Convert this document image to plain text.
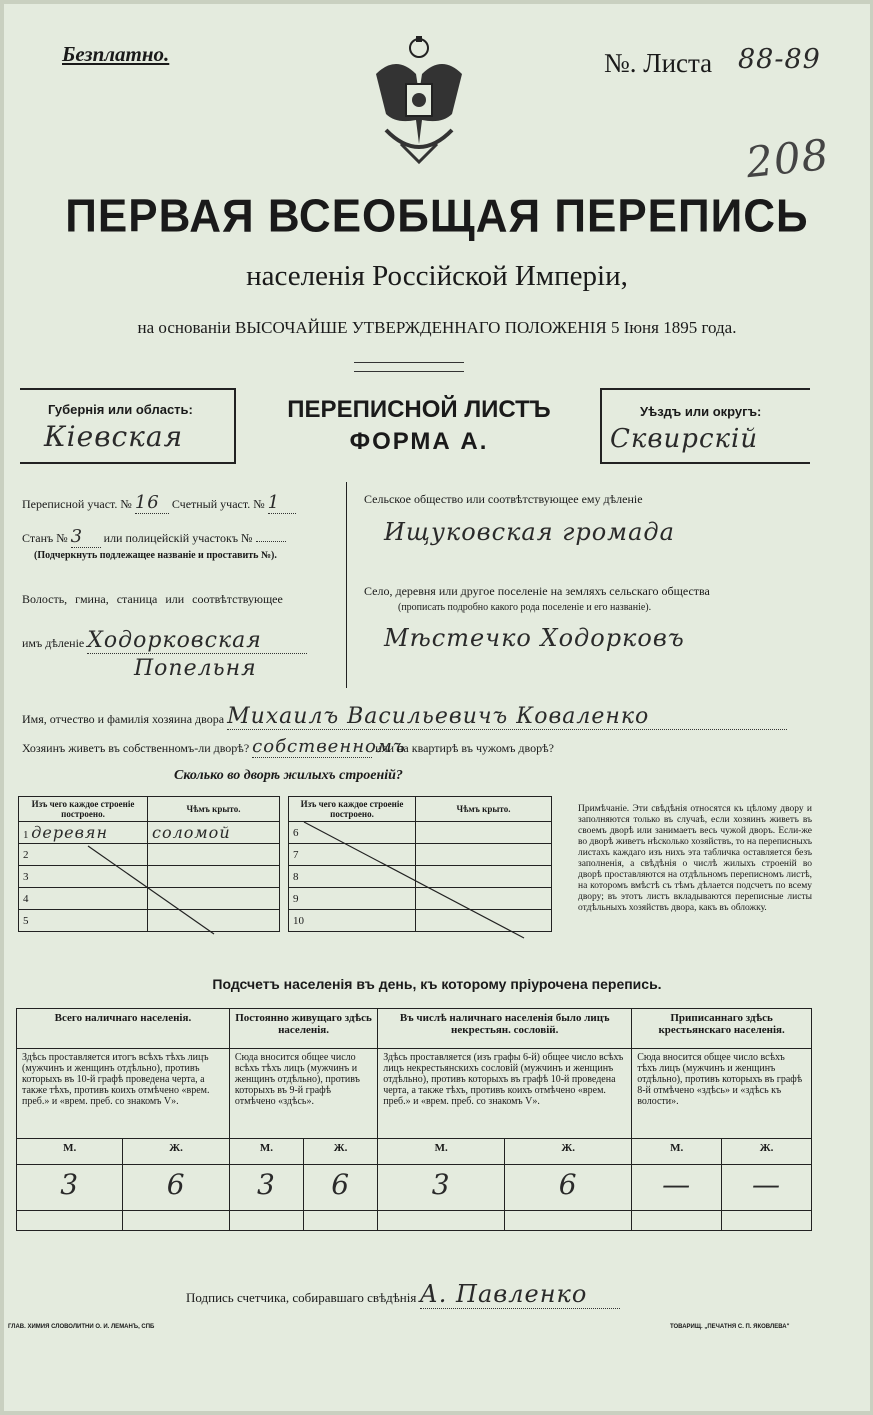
Безплатно.	№. Листа 88-89
208
ПЕРВАЯ ВСЕОБЩАЯ ПЕРЕПИСЬ
населенія Россійской Имперіи,
на основаніи ВЫСОЧАЙШЕ УТВЕРЖДЕННАГО ПОЛОЖЕНІЯ 5 Іюня 1895 года.
Губернія или область:
Кіевская
ПЕРЕПИСНОЙ ЛИСТЪ
ФОРМА А.
Уѣздъ или округъ:
Сквирскій
Переписной участ. № 16 Счетный участ. № 1
Станъ № 3 или полицейскій участокъ №
(Подчеркнуть подлежащее названіе и проставить №).
Волость, гмина, станица или соотвѣтствующее
имъ дѣленіе Ходорковская
Попельня
Сельское общество или соотвѣтствующее ему дѣленіе
Ищуковская громада
Село, деревня или другое поселеніе на земляхъ сельскаго общества
(прописать подробно какого рода поселеніе и его названіе).
Мѣстечко Ходорковъ
Имя, отчество и фамилія хозяина двора Михаилъ Васильевичъ Коваленко
Хозяинъ живетъ въ собственномъ-ли дворѣ? собственномъ или на квартирѣ въ чужомъ дворѣ?
Сколько во дворѣ жилыхъ строеній?
Изъ чего каждое строеніе построено.	Чѣмъ крыто.
1 деревян	соломой
2	
3	
4	
5	
Изъ чего каждое строеніе построено.	Чѣмъ крыто.
6	
7	
8	
9	
10	
Примѣчаніе. Эти свѣдѣнія относятся къ цѣлому двору и заполняются только въ случаѣ, если хозяинъ живетъ въ своемъ дворѣ или занимаетъ весь чужой дворъ. Если-же во дворѣ живетъ нѣсколько хозяйствъ, то на переписныхъ листахъ каждаго изъ нихъ эта табличка оставляется безъ заполненія, а свѣдѣнія о числѣ жилыхъ строеній во дворѣ проставляются на отдѣльномъ переписномъ листѣ, на которомъ вмѣстѣ съ тѣмъ дѣлается подсчетъ по всему двору; въ этотъ листъ вкладываются переписные листы отдѣльныхъ хозяйствъ двора, какъ въ обложку.
Подсчетъ населенія въ день, къ которому пріурочена перепись.
Всего наличнаго населенія.		Постоянно живущаго здѣсь населенія.		Въ числѣ наличнаго населенія было лицъ некрестьян. сословій.		Приписаннаго здѣсь крестьянскаго населенія.	
Здѣсь проставляется итогъ всѣхъ тѣхъ лицъ (мужчинъ и женщинъ отдѣльно), противъ которыхъ въ 10-й графѣ проведена черта, а также тѣхъ, противъ коихъ отмѣчено «врем. преб.» и «врем. преб. со знакомъ V».		Сюда вносится общее число всѣхъ тѣхъ лицъ (мужчинъ и женщинъ отдѣльно), противъ которыхъ въ 9-й графѣ отмѣчено «здѣсь».		Здѣсь проставляется (изъ графы 6-й) общее число всѣхъ лицъ некрестьянскихъ сословій (мужчинъ и женщинъ отдѣльно), противъ которыхъ въ графѣ 10-й проведена черта, а также тѣхъ, противъ коихъ отмѣчено «врем. преб.» и «врем. преб. со знакомъ V».		Сюда вносится общее число всѣхъ тѣхъ лицъ (мужчинъ и женщинъ отдѣльно), противъ которыхъ въ графѣ 8-й отмѣчено «здѣсь» и «здѣсь къ волости».	
М.	Ж.	М.	Ж.	М.	Ж.	М.	Ж.
3	6	3	6	3	6	—	—

Подпись счетчика, собиравшаго свѣдѣнія А. Павленко
ГЛАВ. ХИМИЯ СЛОВОЛИТНИ О. И. ЛЕМАНЪ, СПБ	ТОВАРИЩ. „ПЕЧАТНЯ С. П. ЯКОВЛЕВА"
